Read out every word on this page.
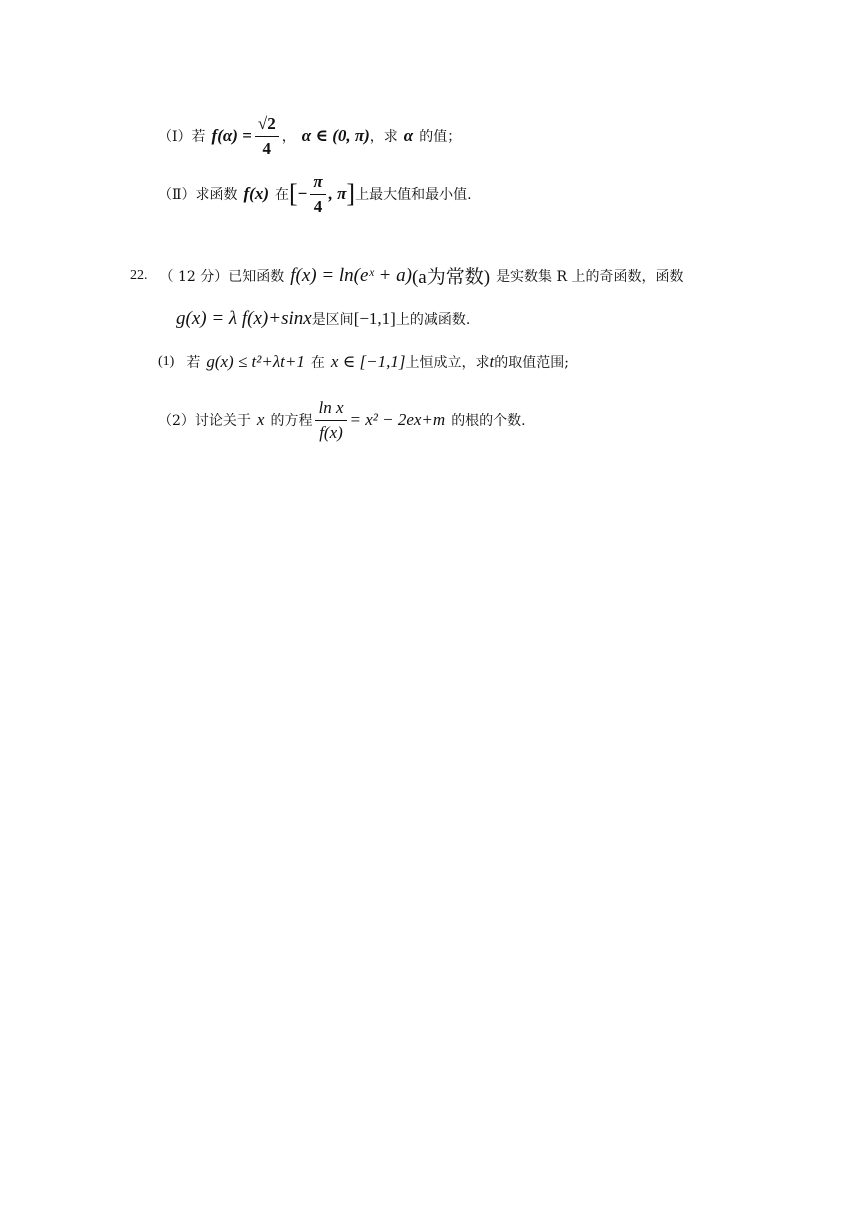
（Ⅰ）若 $f(\alpha) = \frac{√2}{4}$ ， α ∈ (0, π) ，求 α 的值；
（Ⅱ）求函数 f(x) 在 [ − $\frac{\pi}{4}$ , π ] 上最大值和最小值.
22. （ 12 分）已知函数 f(x) = ln(eˣ + a) (a为常数) 是实数集 R 上的奇函数，函数
g(x) = λ f(x)+sinx 是区间 [−1,1] 上的减函数.
(1) 若 g(x) ≤ t²+λt+1 在 x ∈ [−1,1] 上恒成立，求 t 的取值范围;
（2）讨论关于 x 的方程 $\frac{\text{ln x}}{f(x)} = x^2 - 2ex+m$ 的根的个数.
